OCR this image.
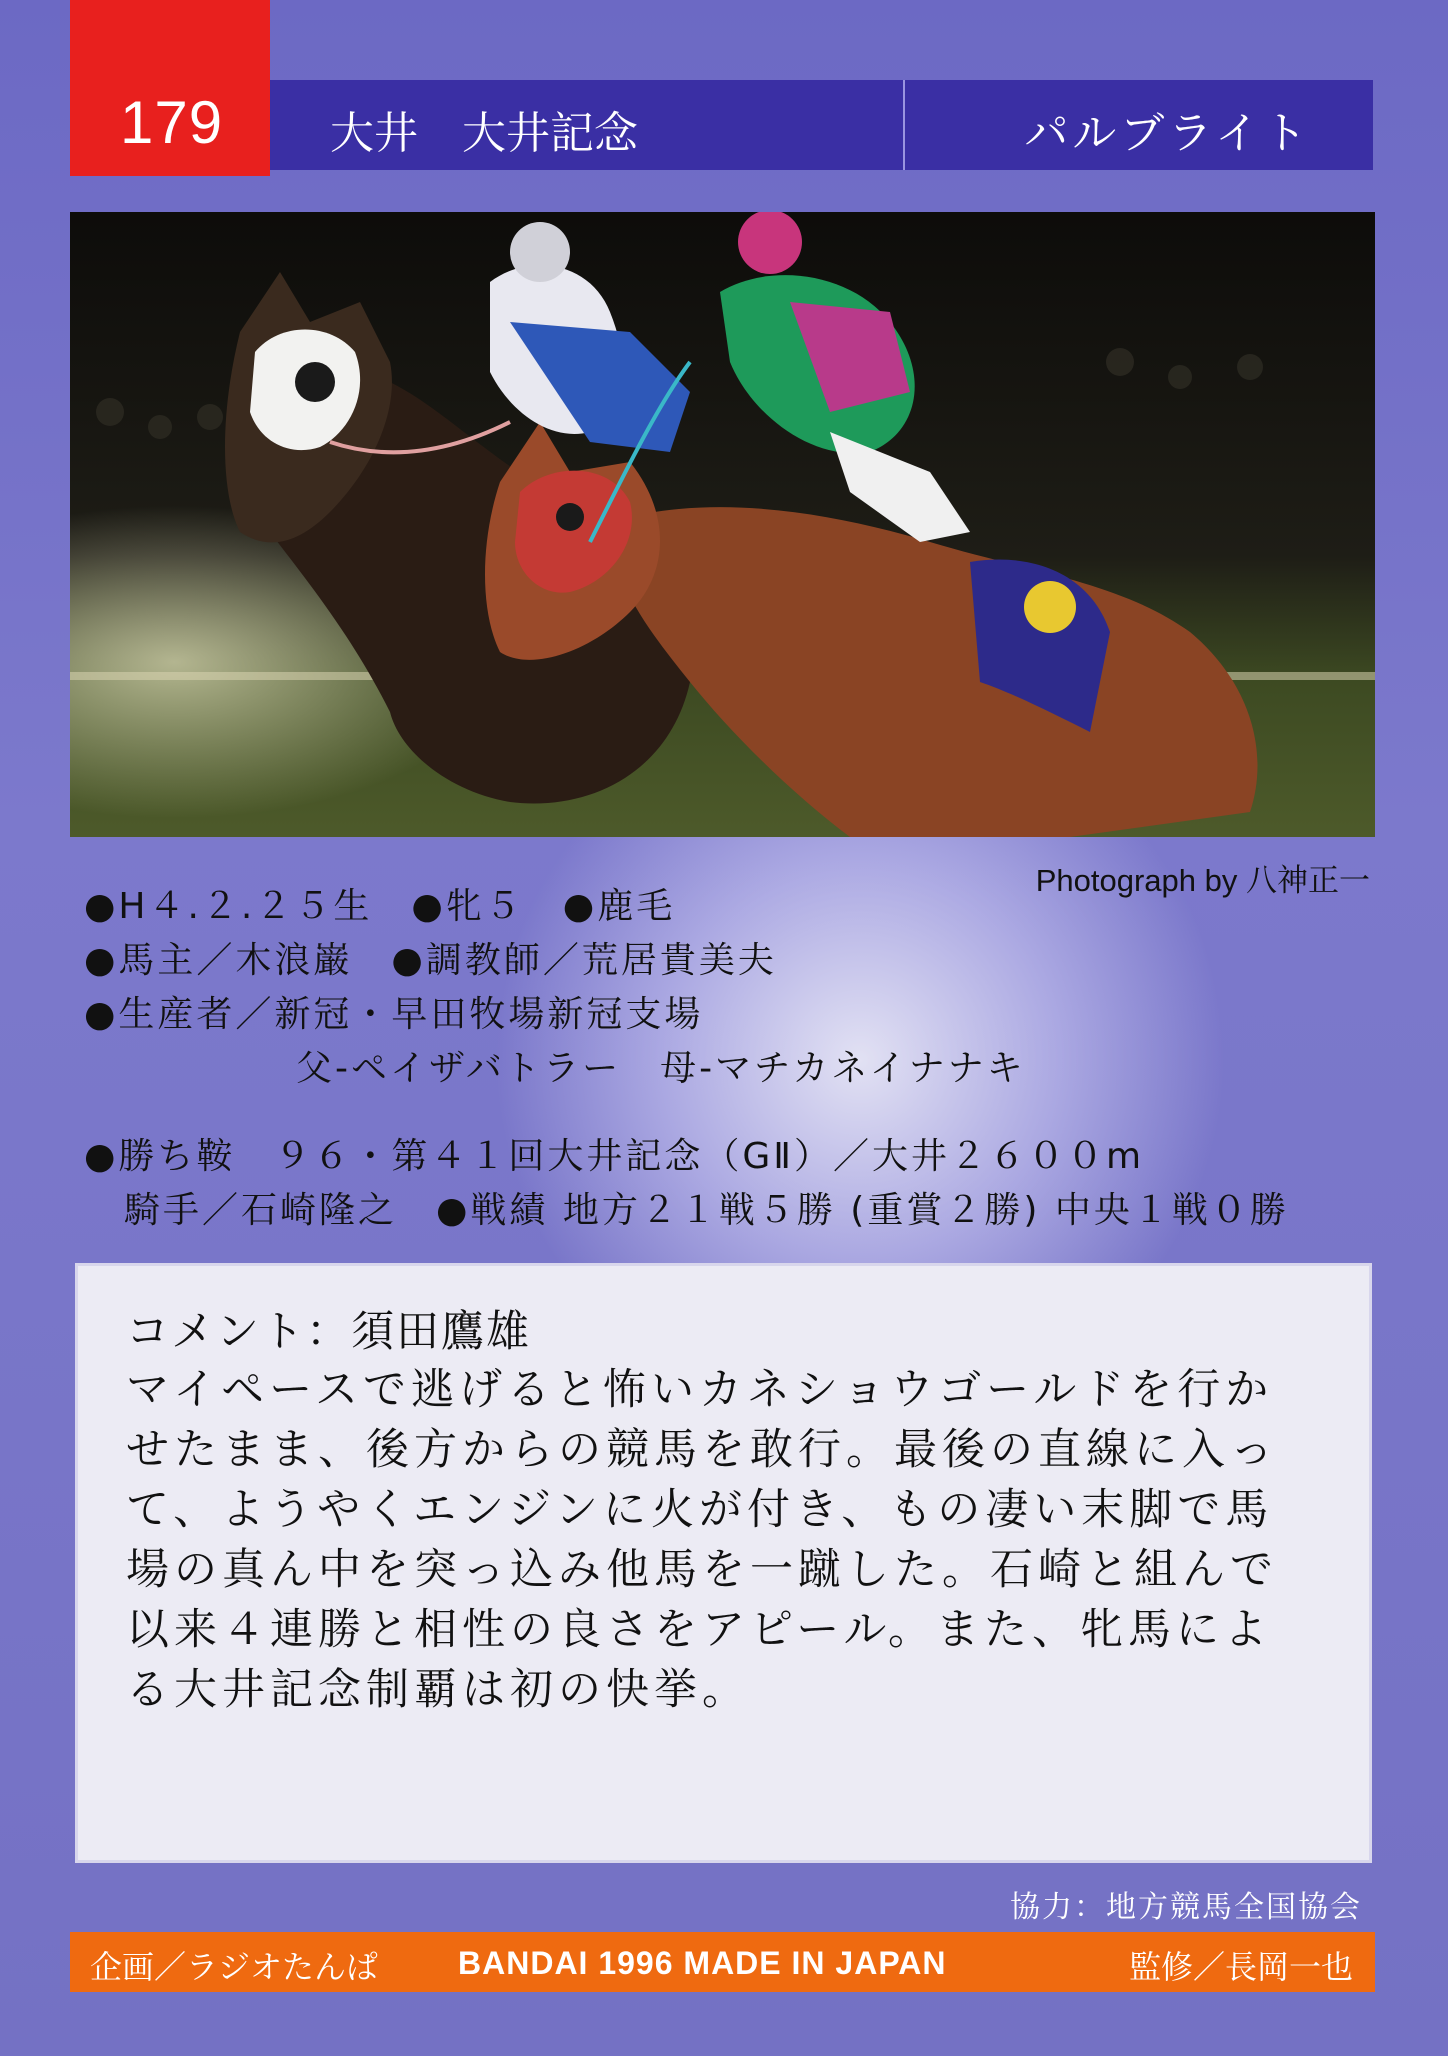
179 大井　大井記念	パルブライト
Photograph by 八神正一
●H４.２.２５生　●牝５　●鹿毛
●馬主／木浪巌　●調教師／荒居貴美夫
●生産者／新冠・早田牧場新冠支場
父-ペイザバトラー　母-マチカネイナナキ
●勝ち鞍　９６・第４１回大井記念（GⅡ）／大井２６００m
騎手／石崎隆之　●戦績 地方２１戦５勝 (重賞２勝) 中央１戦０勝
コメント：須田鷹雄
マイペースで逃げると怖いカネショウゴールドを行か
せたまま、後方からの競馬を敢行。最後の直線に入っ
て、ようやくエンジンに火が付き、もの凄い末脚で馬
場の真ん中を突っ込み他馬を一蹴した。石崎と組んで
以来４連勝と相性の良さをアピール。また、牝馬によ
る大井記念制覇は初の快挙。
協力：地方競馬全国協会
企画／ラジオたんぱ BANDAI 1996 MADE IN JAPAN	監修／長岡一也
